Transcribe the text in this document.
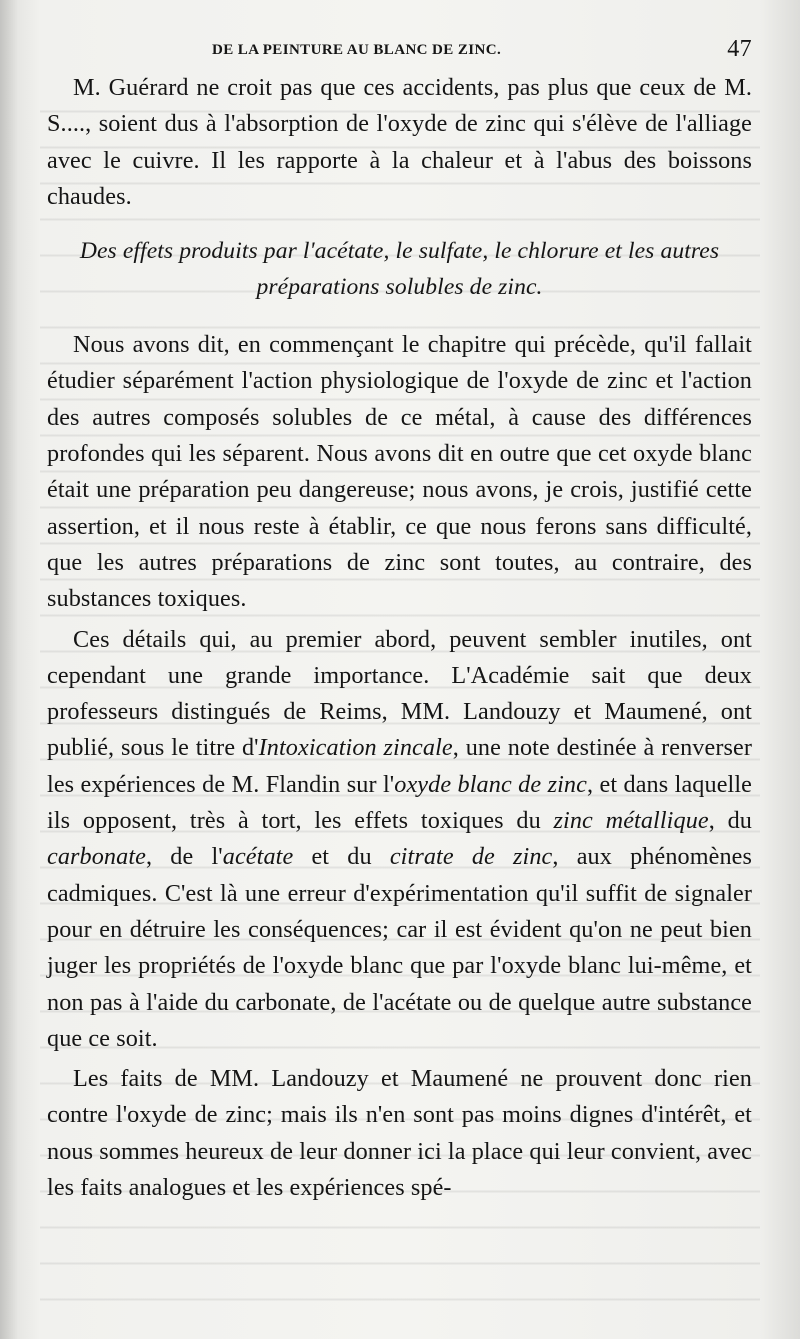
DE LA PEINTURE AU BLANC DE ZINC.	47

M. Guérard ne croit pas que ces accidents, pas plus que ceux de M. S...., soient dus à l'absorption de l'oxyde de zinc qui s'élève de l'alliage avec le cuivre. Il les rapporte à la chaleur et à l'abus des boissons chaudes.

Des effets produits par l'acétate, le sulfate, le chlorure et les autres préparations solubles de zinc.

Nous avons dit, en commençant le chapitre qui précède, qu'il fallait étudier séparément l'action physiologique de l'oxyde de zinc et l'action des autres composés solubles de ce métal, à cause des différences profondes qui les séparent. Nous avons dit en outre que cet oxyde blanc était une préparation peu dangereuse; nous avons, je crois, justifié cette assertion, et il nous reste à établir, ce que nous ferons sans difficulté, que les autres préparations de zinc sont toutes, au contraire, des substances toxiques.

Ces détails qui, au premier abord, peuvent sembler inutiles, ont cependant une grande importance. L'Académie sait que deux professeurs distingués de Reims, MM. Landouzy et Maumené, ont publié, sous le titre d'Intoxication zincale, une note destinée à renverser les expériences de M. Flandin sur l'oxyde blanc de zinc, et dans laquelle ils opposent, très à tort, les effets toxiques du zinc métallique, du carbonate, de l'acétate et du citrate de zinc, aux phénomènes cadmiques. C'est là une erreur d'expérimentation qu'il suffit de signaler pour en détruire les conséquences; car il est évident qu'on ne peut bien juger les propriétés de l'oxyde blanc que par l'oxyde blanc lui-même, et non pas à l'aide du carbonate, de l'acétate ou de quelque autre substance que ce soit.

Les faits de MM. Landouzy et Maumené ne prouvent donc rien contre l'oxyde de zinc; mais ils n'en sont pas moins dignes d'intérêt, et nous sommes heureux de leur donner ici la place qui leur convient, avec les faits analogues et les expériences spé-
